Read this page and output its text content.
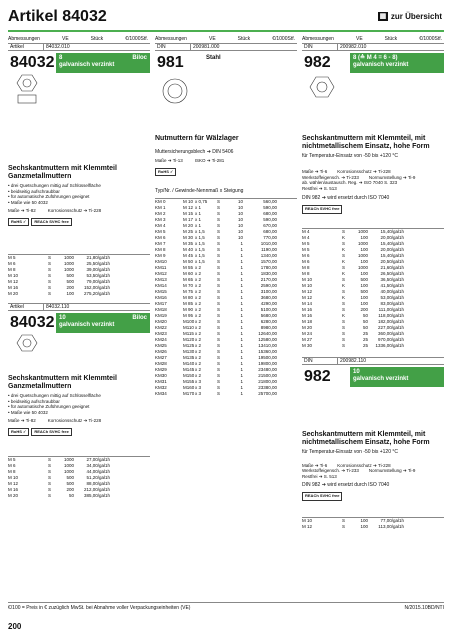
Artikel 84032	▦ zur Übersicht
Abmessungen	VE	Stück	€/1000Stf.
Artikel	84032.010
84032 8	Biloc
galvanisch verzinkt
Sechskantmuttern mit Klemmteil Ganzmetallmuttern
• drei Quetschungen mittig auf Schlüsselfläche
• beidseitig aufschraubbar
• für automatische Zuführungen geeignet
• Maße wie 50 4032
Maße ➔ Ti-82	Korrosionsschutz ➔ Ti-228
RoHS ✓	REACh SVHC free
M 5	S	1000	21,80/gal1h
M 6	S	1000	25,50/gal1h
M 8	S	1000	39,00/gal1h
M 10	S	500	53,50/gal1h
M 12	S	500	79,00/gal1h
M 16	S	200	152,00/gal1h
M 20	S	100	275,20/gal1h
Artikel	84032.110
84032 10	Biloc
galvanisch verzinkt
Sechskantmuttern mit Klemmteil Ganzmetallmuttern
• drei Quetschungen mittig auf Schlüsselfläche
• beidseitig aufschraubbar
• für automatische Zuführungen geeignet
• Maße wie 50 4032
Maße ➔ Ti-82	Korrosionsschutz ➔ Ti-228
RoHS ✓	REACh SVHC free
M 5	S	1000	27,00/gal1h
M 6	S	1000	34,00/gal1h
M 8	S	1000	44,00/gal1h
M 10	S	500	51,20/gal1h
M 12	S	500	88,00/gal1h
M 16	S	200	212,00/gal1h
M 20	S	50	385,00/gal1h
Abmessungen	VE	Stück	€/1000Stf.
DIN	200981.000
981	Stahl
Nutmuttern für Wälzlager
Muttersicherungsblech ➔ DIN 5406
Maße ➔ Ti-13	ISKO ➔ Ti-281
RoHS ✓
Typ/Nr. / Gewinde-Nennmaß x Steigung
KM 0	M 10 x 0,75	S	10	560,00
KM 1	M 12 x 1	S	10	590,00
KM 2	M 15 x 1	S	10	680,00
KM 3	M 17 x 1	S	10	590,00
KM 4	M 20 x 1	S	10	670,00
KM 5	M 25 x 1,5	S	10	680,00
KM 6	M 30 x 1,5	S	10	770,00
KM 7	M 35 x 1,5	S	1	1010,00
KM 8	M 40 x 1,5	S	1	1190,00
KM 9	M 45 x 1,5	S	1	1340,00
KM10	M 50 x 1,5	S	1	1570,00
KM11	M 55 x 2	S	1	1780,00
KM12	M 60 x 2	S	1	1830,00
KM13	M 65 x 2	S	1	2170,00
KM14	M 70 x 2	S	1	2590,00
KM15	M 75 x 2	S	1	3100,00
KM16	M 80 x 2	S	1	3680,00
KM17	M 85 x 2	S	1	4290,00
KM18	M 90 x 2	S	1	5100,00
KM19	M 95 x 2	S	1	5680,00
KM20	M100 x 2	S	1	6280,00
KM22	M110 x 2	S	1	8980,00
KM23	M115 x 2	S	1	12640,00
KM24	M120 x 2	S	1	12580,00
KM25	M125 x 2	S	1	13410,00
KM26	M130 x 2	S	1	15360,00
KM27	M135 x 2	S	1	19500,00
KM28	M140 x 2	S	1	19800,00
KM29	M145 x 2	S	1	23480,00
KM30	M150 x 2	S	1	21500,00
KM31	M155 x 3	S	1	21800,00
KM32	M160 x 3	S	1	23380,00
KM34	M170 x 3	S	1	25700,00
Abmessungen	VE	Stück	€/1000Stf.
DIN	200982.010
982	8 (≙ M 4 = 6 - 8)
galvanisch verzinkt
Sechskantmuttern mit Klemmteil, mit nichtmetallischem Einsatz, hohe Form
für Temperatur-Einsatz von -50 bis +120 °C
Maße ➔ Ti-6 Korrosionsschutz ➔ Ti-228
Werkstoffeigensch. ➔ Ti-233 Normumstellung ➔ Ti-9
ab. wählen/austausch. Reg. ➔ ISO 7040 S. 323
Restfrei ➔ S. 513
DIN 982 ➔ wird ersetzt durch ISO 7040
REACh SVHC free
M 4	S	1000	15,40/gal1h
M 4	K	100	20,00/gal1h
M 5	S	1000	15,40/gal1h
M 5	K	100	20,00/gal1h
M 6	S	1000	15,40/gal1h
M 6	K	100	20,50/gal1h
M 8	S	1000	21,60/gal1h
M 8	K	100	26,50/gal1h
M 10	S	500	36,50/gal1h
M 10	K	100	41,50/gal1h
M 12	S	500	40,00/gal1h
M 12	K	100	53,00/gal1h
M 14	S	100	83,00/gal1h
M 16	S	200	111,00/gal1h
M 16	K	50	118,00/gal1h
M 18	S	50	182,00/gal1h
M 20	S	50	227,00/gal1h
M 24	S	25	360,00/gal1h
M 27	S	25	970,00/gal1h
M 30	S	25	1336,00/gal1h
DIN	200982.110
982	10
galvanisch verzinkt
Sechskantmuttern mit Klemmteil, mit nichtmetallischem Einsatz, hohe Form
für Temperatur-Einsatz von -50 bis +120 °C
Maße ➔ Ti-6 Korrosionsschutz ➔ Ti-228
Werkstoffeigensch. ➔ Ti-233 Normumstellung ➔ Ti-9
Restfrei ➔ S. 513
DIN 982 ➔ wird ersetzt durch ISO 7040
REACh SVHC free
M 10	S	100	77,00/gal1h
M 12	S	100	113,00/gal1h
€/100 = Preis in € zuzüglich MwSt. bei Abnahme voller Verpackungseinheiten (VE)	N/2015.10BD/NTI
200
